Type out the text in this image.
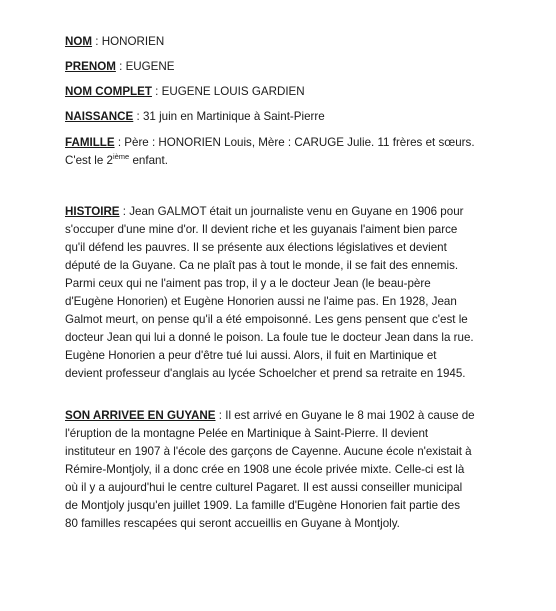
NOM : HONORIEN

PRENOM : EUGENE

NOM COMPLET : EUGENE LOUIS GARDIEN

NAISSANCE : 31 juin en Martinique à Saint-Pierre

FAMILLE : Père : HONORIEN Louis, Mère : CARUGE Julie. 11 frères et sœurs.
C'est le 2ième enfant.

HISTOIRE : Jean GALMOT était un journaliste venu en Guyane en 1906 pour
s'occuper d'une mine d'or. Il devient riche et les guyanais l'aiment bien parce
qu'il défend les pauvres. Il se présente aux élections législatives et devient
député de la Guyane. Ca ne plaît pas à tout le monde, il se fait des ennemis.
Parmi ceux qui ne l'aiment pas trop, il y a le docteur Jean (le beau-père
d'Eugène Honorien) et Eugène Honorien aussi ne l'aime pas. En 1928, Jean
Galmot meurt, on pense qu'il a été empoisonné. Les gens pensent que c'est le
docteur Jean qui lui a donné le poison. La foule tue le docteur Jean dans la rue.
Eugène Honorien a peur d'être tué lui aussi. Alors, il fuit en Martinique et
devient professeur d'anglais au lycée Schoelcher et prend sa retraite en 1945.
SON ARRIVEE EN GUYANE : Il est arrivé en Guyane le 8 mai 1902 à cause de
l'éruption de la montagne Pelée en Martinique à Saint-Pierre. Il devient
instituteur en 1907 à l'école des garçons de Cayenne. Aucune école n'existait à
Rémire-Montjoly, il a donc crée en 1908 une école privée mixte. Celle-ci est là
où il y a aujourd'hui le centre culturel Pagaret. Il est aussi conseiller municipal
de Montjoly jusqu'en juillet 1909. La famille d'Eugène Honorien fait partie des
80 familles rescapées qui seront accueillis en Guyane à Montjoly.
